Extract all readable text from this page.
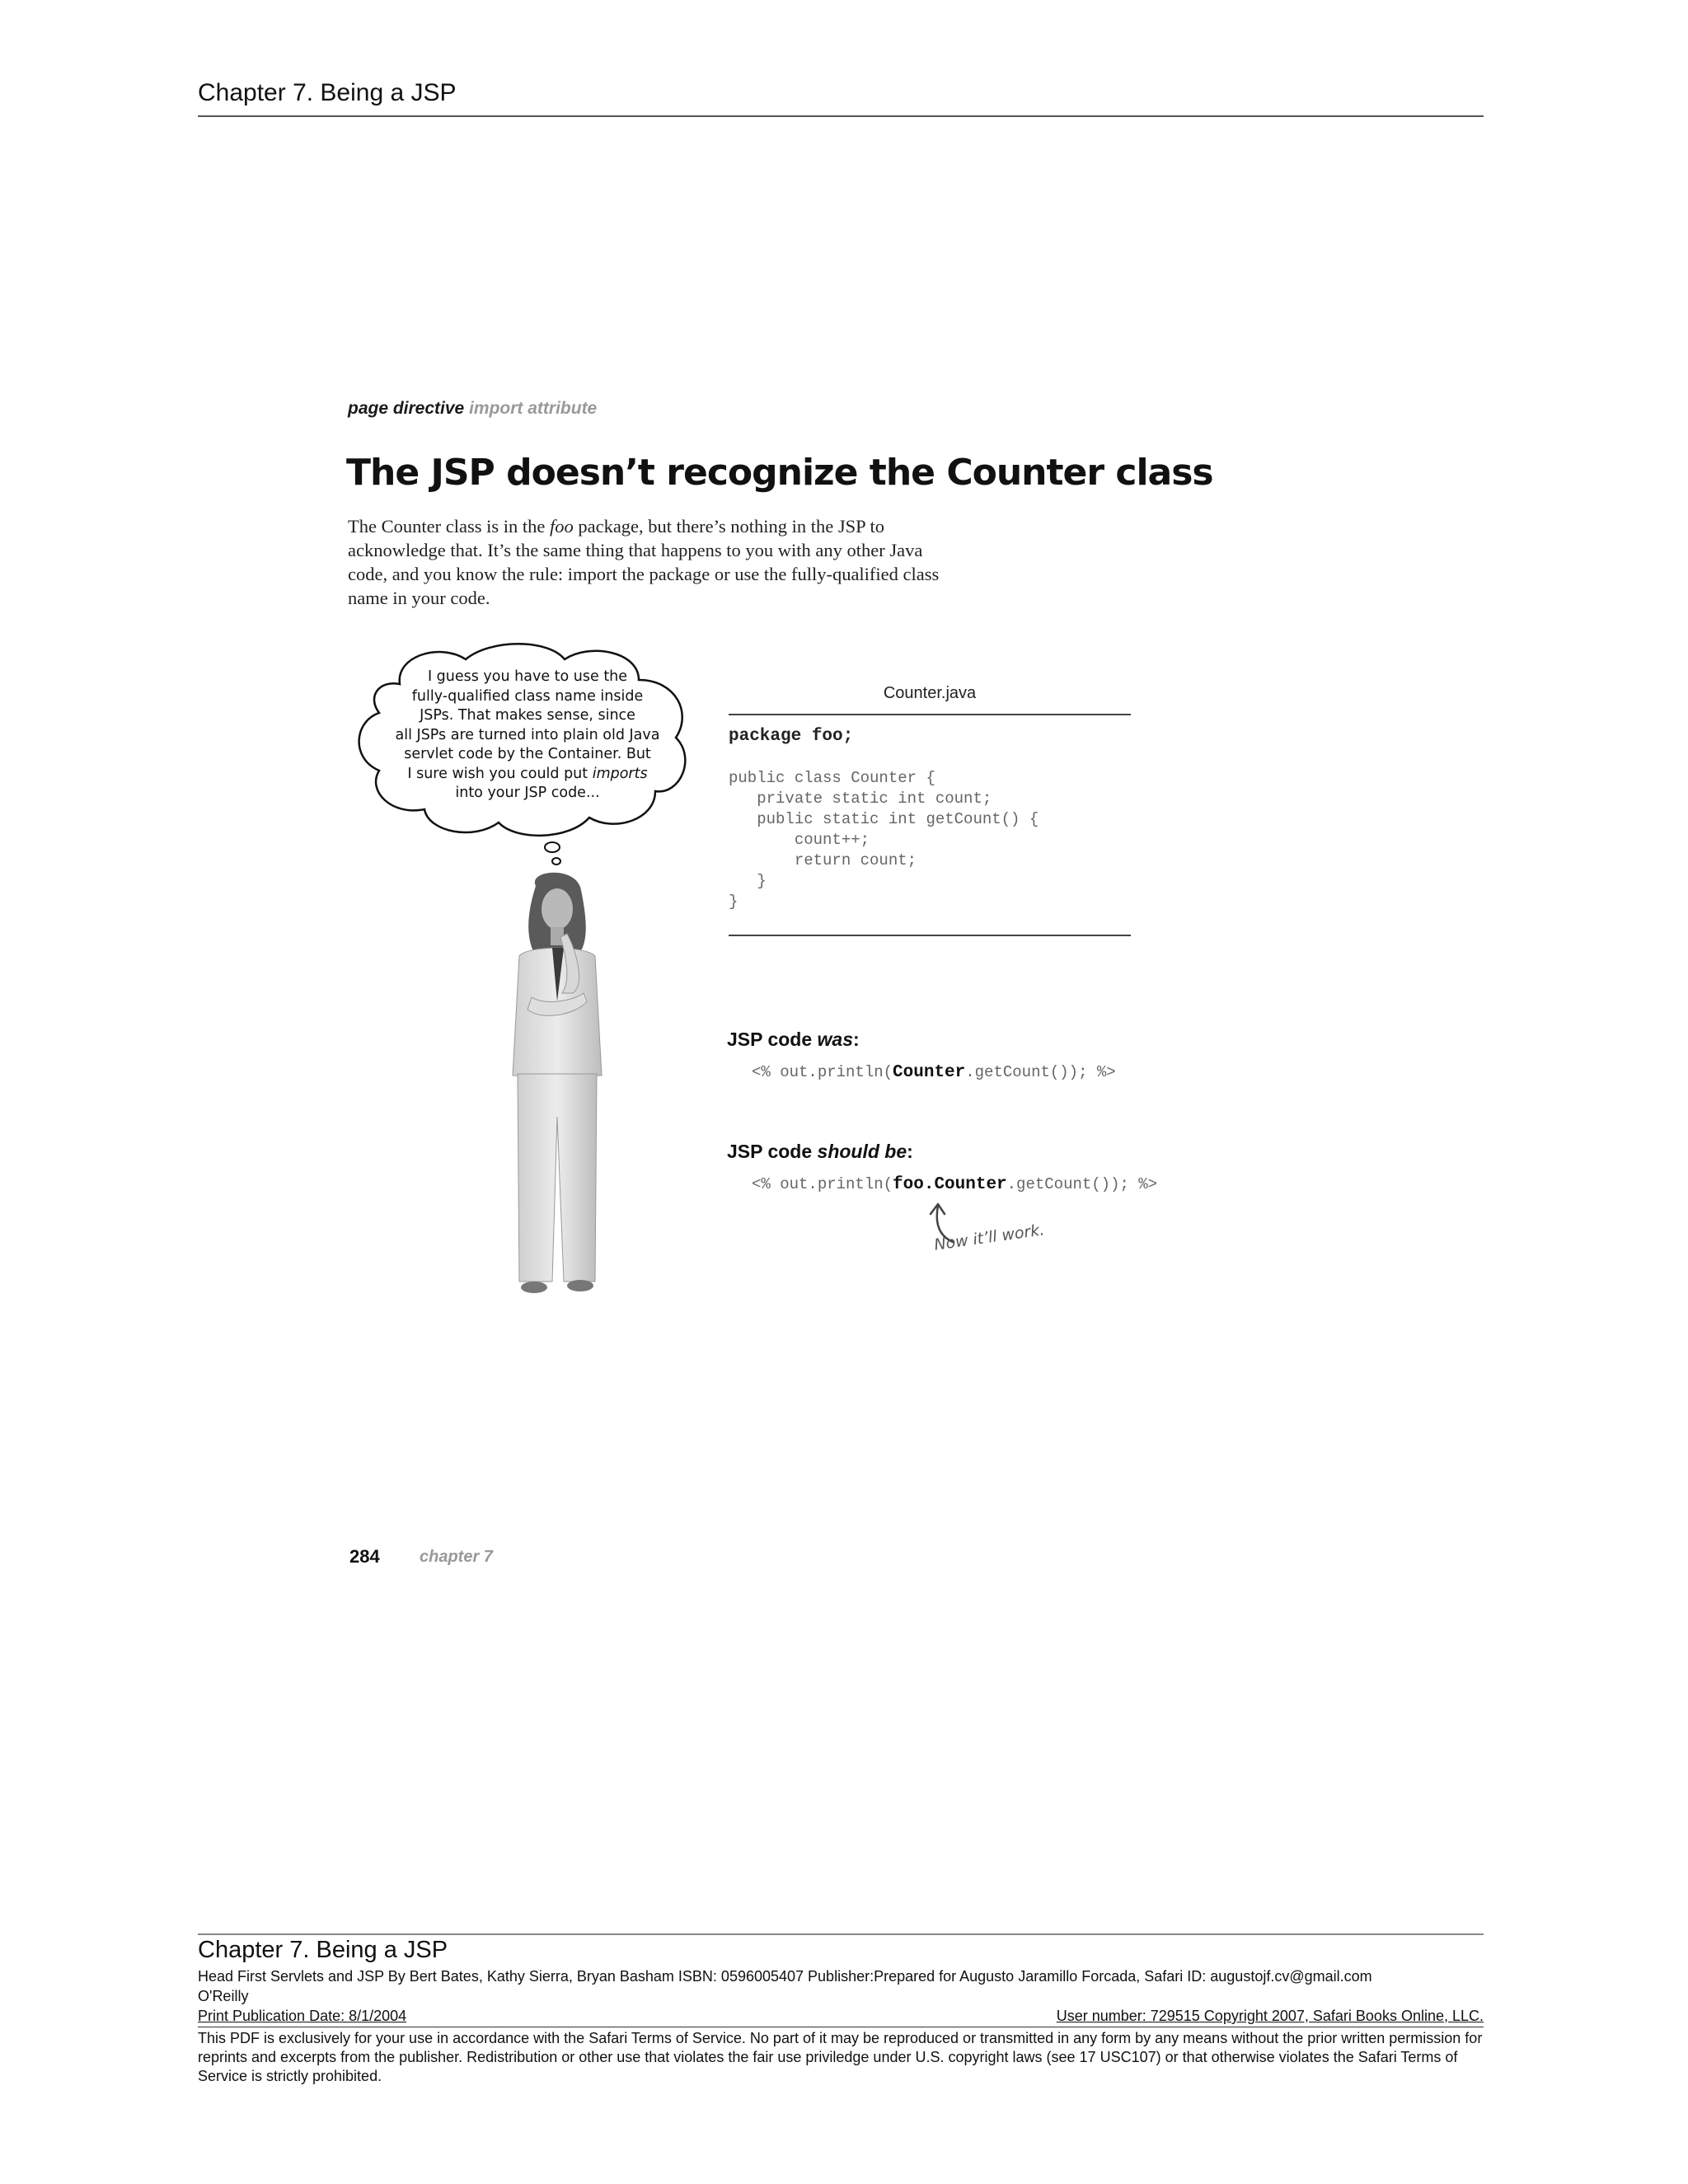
Chapter 7. Being a JSP
page directive import attribute
The JSP doesn’t recognize the Counter class
The Counter class is in the foo package, but there’s nothing in the JSP to acknowledge that. It’s the same thing that happens to you with any other Java code, and you know the rule: import the package or use the fully-qualified class name in your code.
I guess you have to use the
fully-qualified class name inside
JSPs. That makes sense, since
all JSPs are turned into plain old Java
servlet code by the Container. But
I sure wish you could put imports
into your JSP code...
Counter.java
package foo;
public class Counter {
private static int count;
public static int getCount() {
count++;
return count;
}
}
JSP code was:
<% out.println(Counter.getCount()); %>
JSP code should be:
<% out.println(foo.Counter.getCount()); %>
Now it’ll work.
284 chapter 7
Chapter 7. Being a JSP
Head First Servlets and JSP By Bert Bates, Kathy Sierra, Bryan Basham ISBN: 0596005407 Publisher:Prepared for Augusto Jaramillo Forcada, Safari ID: augustojf.cv@gmail.com
O'Reilly
Print Publication Date: 8/1/2004	User number: 729515 Copyright 2007, Safari Books Online, LLC.
This PDF is exclusively for your use in accordance with the Safari Terms of Service. No part of it may be reproduced or transmitted in any form by any means without the prior written permission for reprints and excerpts from the publisher. Redistribution or other use that violates the fair use priviledge under U.S. copyright laws (see 17 USC107) or that otherwise violates the Safari Terms of Service is strictly prohibited.
